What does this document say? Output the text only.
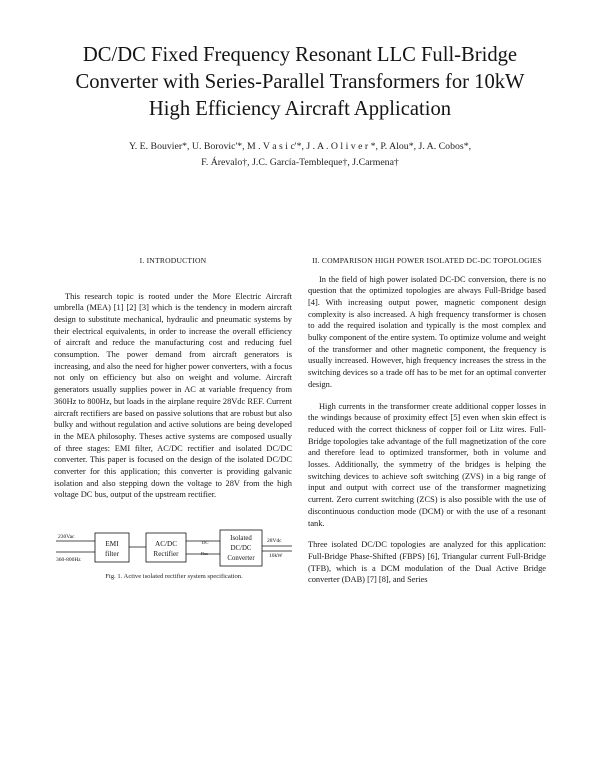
DC/DC Fixed Frequency Resonant LLC Full-Bridge
Converter with Series-Parallel Transformers for 10kW
High Efficiency Aircraft Application
Y. E. Bouvier*, U. Borovic'*, M . V a s i c'*, J . A . O l i v e r *, P. Alou*, J. A. Cobos*,
F. Árevalo†, J.C. García-Tembleque†, J.Carmena†
I. INTRODUCTION

This research topic is rooted under the More Electric Aircraft umbrella (MEA) [1] [2] [3] which is the tendency in modern aircraft design to substitute mechanical, hydraulic and pneumatic systems by their electrical equivalents, in order to increase the overall efficiency of aircraft and reduce the manufacturing cost and reducing fuel consumption. The power demand from aircraft generators is increasing, and also the need for higher power converters, with a focus not only on efficiency but also on weight and volume. Aircraft generators usually supplies power in AC at variable frequency from 360Hz to 800Hz, but loads in the airplane require 28Vdc REF. Current aircraft rectifiers are based on passive solutions that are robust but also bulky and without regulation and active solutions are being developed in the MEA philosophy. Theses active systems are composed usually of three stages: EMI filter, AC/DC rectifier and isolated DC/DC converter. This paper is focused on the design of the isolated DC/DC converter for this application; this converter is providing galvanic isolation and also stepping down the voltage to 28V from the high voltage DC bus, output of the upstream rectifier.

230Vac
360-800Hz
28Vdc
10kW
DC
Bus
EMI
filter
AC/DC
Rectifier
Isolated
DC/DC
Converter
Fig. 1. Active isolated rectifier system specification.
II. COMPARISON HIGH POWER ISOLATED DC-DC TOPOLOGIES

In the field of high power isolated DC-DC conversion, there is no question that the optimized topologies are always Full-Bridge based [4]. With increasing output power, magnetic component design complexity is also increased. A high frequency transformer is chosen to add the required isolation and typically is the most complex and bulky component of the entire system. To optimize volume and weight of the transformer and other magnetic component, the frequency is usually increased. However, high frequency increases the stress in the switching devices so a trade off has to be met for an optimal converter design.

High currents in the transformer create additional copper losses in the windings because of proximity effect [5] even when skin effect is reduced with the correct thickness of copper foil or Litz wires. Full-Bridge topologies take advantage of the full magnetization of the core and therefore lead to optimized transformer, both in volume and losses. Additionally, the symmetry of the bridges is helping the switching devices to achieve soft switching (ZVS) in a big range of input and output with correct use of the transformer magnetizing current. Zero current switching (ZCS) is also possible with the use of discontinuous conduction mode (DCM) or with the use of a resonant tank.

Three isolated DC/DC topologies are analyzed for this application: Full-Bridge Phase-Shifted (FBPS) [6], Triangular current Full-Bridge (TFB), which is a DCM modulation of the Dual Active Bridge converter (DAB) [7] [8], and Series
